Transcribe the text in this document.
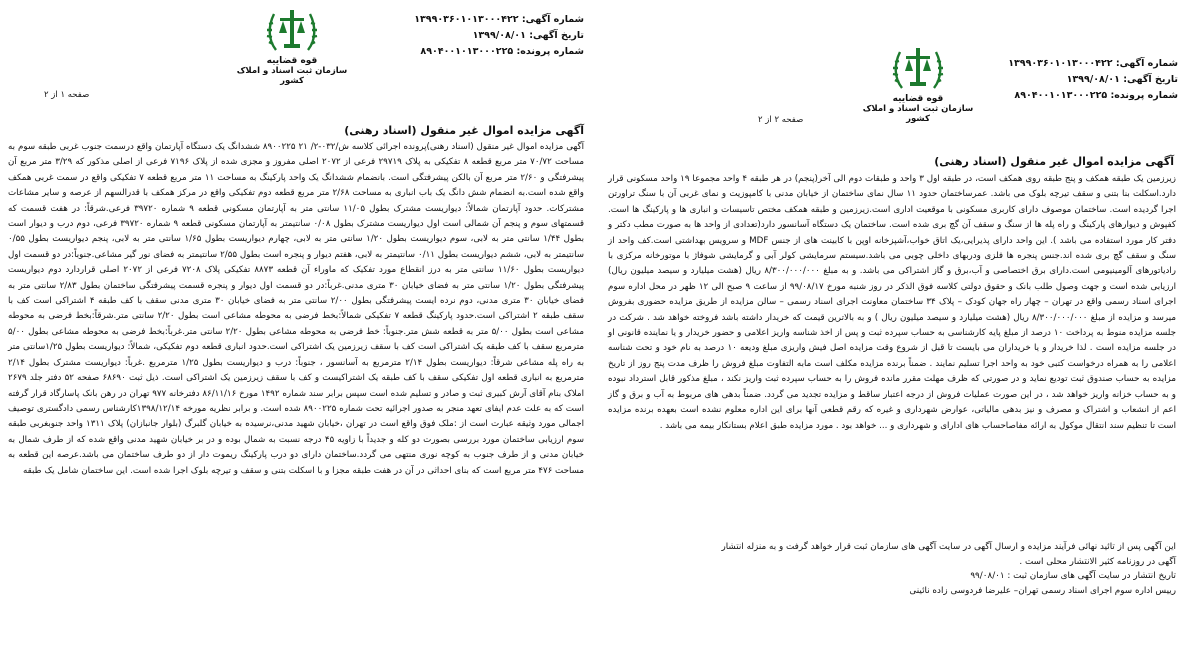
شماره آگهی: ۱۳۹۹۰۳۶۰۱۰۱۳۰۰۰۴۲۲
تاریخ آگهی: ۱۳۹۹/۰۸/۰۱
شماره پرونده: ۸۹۰۴۰۰۱۰۱۳۰۰۰۲۲۵
قوه قضاییه
سازمان ثبت اسناد و املاک کشور
صفحه ۱ از ۲
آگهی مزایده اموال غیر منقول (اسناد رهنی)

آگهی مزایده اموال غیر منقول (اسناد رهنی)پرونده اجرائی کلاسه ش/۰۳۲-۲/ ۲۱ ۸۹۰۰۲۲۵ ششدانگ یک دستگاه آپارتمان واقع درسمت جنوب غربی طبقه سوم به مساحت ۷۰/۷۲ متر مربع قطعه ۸ تفکیکی به پلاک ۲۹۷۱۹ فرعی از ۲۰۷۲ اصلی مفروز و مجزی شده از پلاک ۷۱۹۶ فرعی از اصلی مذکور که ۳/۲۹ متر مربع آن پیشرفتگی و ۲/۶۰ متر مربع آن بالکن پیشرفتگی است. بانضمام ششدانگ یک واحد پارکینگ به مساحت ۱۱ متر مربع قطعه ۷ تفکیکی واقع در سمت غربی همکف واقع شده است.به انضمام شش دانگ یک باب انباری به مساحت ۲/۶۸ متر مربع قطعه دوم تفکیکی واقع در مرکز همکف با قدرالسهم از عرصه و سایر مشاعات مشترکات. حدود آپارتمان شمالاً: دیواریست مشترک بطول ۱۱/۰۵ سانتی متر به آپارتمان مسکونی قطعه ۹ شماره ۳۹۷۲۰ فرعی.شرقاً: در هفت قسمت که قسمتهای سوم و پنجم آن شمالی است اول دیواریست مشترک بطول ۰/۰۸ سانتیمتر به آپارتمان مسکونی قطعه ۹ شماره ۳۹۷۲۰ فرعی، دوم درب و دیوار است بطول ۱/۴۴ سانتی متر به لابی، سوم دیواریست بطول ۱/۲۰ سانتی متر به لابی، چهارم دیواریست بطول ۱/۶۵ سانتی متر به لابی، پنجم دیواریست بطول ۰/۵۵ سانتیمتر به لابی، ششم دیواریست بطول ۰/۱۱ سانتیمتر به لابی، هفتم دیوار و پنجره است بطول ۲/۵۵ سانتیمتر به فضای نور گیر مشاعی.جنوباً:در دو قسمت اول دیواریست بطول ۱۱/۶۰ سانتی متر به درز انقطاع مورد تفکیک که ماوراء آن قطعه ۸۸۷۳ تفکیکی پلاک ۷۲۰۸ فرعی از ۲۰۷۲ اصلی قراردارد دوم دیواریست پیشرفتگی بطول ۱/۲۰ سانتی متر به فضای خیابان ۳۰ متری مدنی.غرباً:در دو قسمت اول دیوار و پنجره قسمت پیشرفتگی ساختمان بطول ۲/۸۳ سانتی متر به فضای خیابان ۳۰ متری مدنی، دوم نرده ایست پیشرفتگی بطول ۲/۰۰ سانتی متر به فضای خیابان ۳۰ متری مدنی سقف با کف طبقه ۴ اشتراکی است کف با سقف طبقه ۲ اشتراکی است.حدود پارکینگ قطعه ۷ تفکیکی شمالاً:بخط فرضی به محوطه مشاعی است بطول ۲/۲۰ سانتی متر.شرقاً:بخط فرضی به محوطه مشاعی است بطول ۵/۰۰ متر به قطعه شش متر.جنوباً: خط فرضی به محوطه مشاعی بطول ۲/۲۰ سانتی متر.غرباً:بخط فرضی به محوطه مشاعی بطول ۵/۰۰ مترمربع سقف با کف طبقه یک اشتراکی است کف با سقف زیرزمین یک اشتراکی است.حدود انباری قطعه دوم تفکیکی، شمالاً: دیواریست بطول ۱/۲۵سانتی متر به راه پله مشاعی شرقاً: دیواریست بطول ۲/۱۴ مترمربع به آسانسور ، جنوباً: درب و دیواریست بطول ۱/۲۵ مترمربع .غرباً: دیواریست مشترک بطول ۲/۱۴ مترمربع به انباری قطعه اول تفکیکی سقف با کف طبقه یک اشتراکیست و کف با سقف زیرزمین یک اشتراکی است. ذیل ثبت ۶۸۶۹۰ صفحه ۵۲ دفتر جلد ۲۶۷۹ املاک بنام آقای آرش کبیری ثبت و صادر و تسلیم شده است سپس برابر سند شماره ۱۴۹۲ مورخ ۸۶/۱۱/۱۶ دفترخانه ۹۷۷ تهران در رهن بانک پاسارگاد قرار گرفته است که به علت عدم ایفای تعهد منجر به صدور اجرائیه تحت شماره ۸۹۰۰۲۲۵ شده است. و برابر نظریه مورخه ۱۳۹۸/۱۲/۱۴کارشناس رسمی دادگستری توصیف اجمالی مورد وثیقه عبارت است از :ملک فوق واقع است در تهران ،خیابان شهید مدنی،نرسیده به خیابان گلبرگ (بلوار جانبازان) پلاک ۱۳۱۱ واحد جنوبغربی طبقه سوم ارزیابی ساختمان مورد بررسی بصورت دو کله و جدیداً با زاویه ۴۵ درجه نسبت به شمال بوده و در بر خیابان شهید مدنی واقع شده که از طرف شمال به خیابان مدنی و از طرف جنوب به کوچه نوری منتهی می گردد.ساختمان دارای دو درب پارکینگ ریموت دار از دو طرف ساختمان می باشد.عرصه این قطعه به مساحت ۴۷۶ متر مربع است که بنای احداثی در آن در هفت طبقه مجزا و با اسکلت بتنی و سقف و تیرچه بلوک اجرا شده است. این ساختمان شامل یک طبقه

شماره آگهی: ۱۳۹۹۰۳۶۰۱۰۱۳۰۰۰۴۲۲
تاریخ آگهی: ۱۳۹۹/۰۸/۰۱
شماره پرونده: ۸۹۰۴۰۰۱۰۱۳۰۰۰۲۲۵
قوه قضاییه
سازمان ثبت اسناد و املاک کشور
صفحه ۲ از ۲
آگهی مزایده اموال غیر منقول (اسناد رهنی)

زیرزمین یک طبقه همکف و پنج طبقه روی همکف است، در طبقه اول ۳ واحد و طبقات دوم الی آخر(پنجم) در هر طبقه ۴ واحد مجموعا ۱۹ واحد مسکونی قرار دارد.اسکلت بنا بتنی و سقف تیرچه بلوک می باشد. عمرساختمان حدود ۱۱ سال نمای ساختمان از خیابان مدنی با کامپوزیت و نمای غربی آن با سنگ تراورتن اجرا گردیده است. ساختمان موصوف دارای کاربری مسکونی با موقعیت اداری است.زیرزمین و طبقه همکف مختص تاسیسات و انباری ها و پارکینگ ها است. کفپوش و دیوارهای پارکینگ و راه پله ها از سنگ و سقف آن گچ بری شده است. ساختمان یک دستگاه آسانسور دارد(تعدادی از واحد ها به صورت مطب دکتر و دفتر کار مورد استفاده می باشد ). این واحد دارای پذیرایی،یک اتاق خواب،آشپزخانه اوپن با کابینت های از جنس MDF و سرویس بهداشتی است.کف واحد از سنگ و سقف گچ بری شده اند.جنس پنجره ها فلزی ودربهای داخلی چوبی می باشد.سیستم سرمایشی کولر آبی و گرمایشی شوفاژ با موتورخانه مرکزی با رادیاتورهای آلومینیومی است.دارای برق اختصاصی و آب،برق و گاز اشتراکی می باشد. و به مبلغ ۸/۳۰۰/۰۰۰/۰۰۰ ریال (هشت میلیارد و سیصد میلیون ریال) ارزیابی شده است و جهت وصول طلب بانک و حقوق دولتی کلاسه فوق الذکر در روز شنبه مورخ ۹۹/۰۸/۱۷ از ساعت ۹ صبح الی ۱۲ ظهر در محل اداره سوم اجرای اسناد رسمی واقع در تهران – چهار راه جهان کودک – پلاک ۳۴ ساختمان معاونت اجرای اسناد رسمی – سالن مزایده از طریق مزایده حضوری بفروش میرسد و مزایده از مبلغ ۸/۳۰۰/۰۰۰/۰۰۰ ریال (هشت میلیارد و سیصد میلیون ریال ) و به بالاترین قیمت که خریدار داشته باشد فروخته خواهد شد . شرکت در جلسه مزایده منوط به پرداخت ۱۰ درصد از مبلغ پایه کارشناسی به حساب سپرده ثبت و پس از اخذ شناسه واریز اعلامی و حضور خریدار و یا نماینده قانونی او در جلسه مزایده است . لذا خریدار و یا خریداران می بایست تا قبل از شروع وقت مزایده اصل فیش واریزی مبلغ ودیعه ۱۰ درصد به نام خود و تحت شناسه اعلامی را به همراه درخواست کتبی خود به واحد اجرا تسلیم نمایند . ضمناً برنده مزایده مکلف است مابه التفاوت مبلغ فروش را ظرف مدت پنج روز از تاریخ مزایده به حساب صندوق ثبت تودیع نماید و در صورتی که ظرف مهلت مقرر مانده فروش را به حساب سپرده ثبت واریز نکند ، مبلغ مذکور قابل استرداد نبوده و به حساب خزانه واریز خواهد شد ، در این صورت عملیات فروش از درجه اعتبار ساقط و مزایده تجدید می گردد. ضمناً بدهی های مربوط به آب و برق و گاز اعم از انشعاب و اشتراک و مصرف و نیز بدهی مالیاتی، عوارض شهرداری و غیره که رقم قطعی آنها برای این اداره معلوم نشده است بعهده برنده مزایده است تا تنظیم سند انتقال موکول به ارائه مفاصاحساب های ادارای و شهرداری و ... خواهد بود . مورد مزایده طبق اعلام بستانکار بیمه می باشد .

این آگهی پس از تائید نهائی فرآیند مزایده و ارسال آگهی در سایت آگهی های سازمان ثبت قرار خواهد گرفت و به منزله انتشار
آگهی در روزنامه کثیر الانتشار محلی است .
تاریخ انتشار در سایت آگهی های سازمان ثبت : ۹۹/۰۸/۰۱
رییس اداره سوم اجرای اسناد رسمی تهران– علیرضا فردوسی زاده نائینی
